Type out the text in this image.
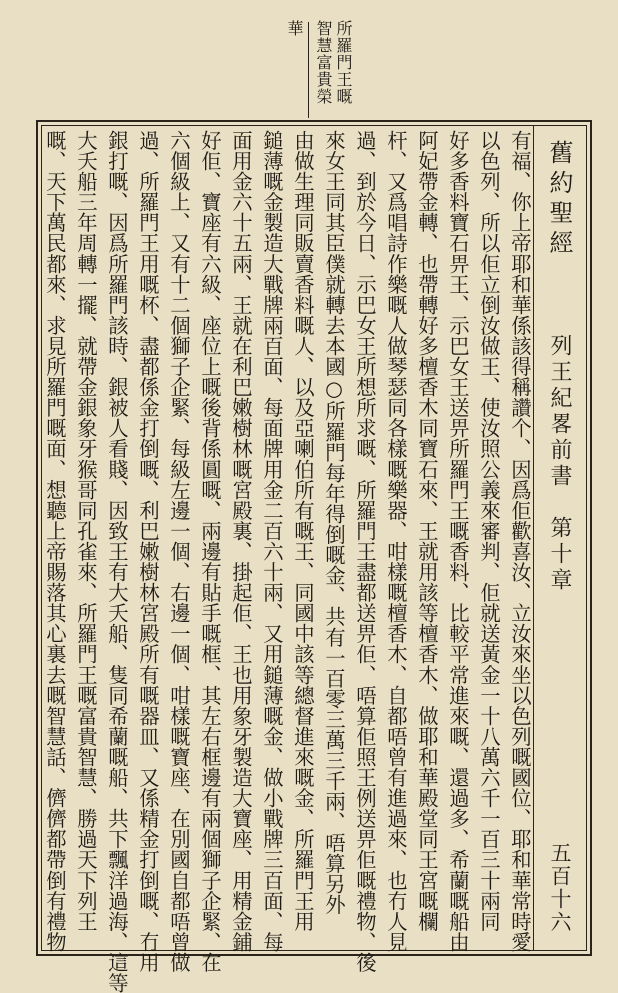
所羅門王嘅
智慧富貴榮
華
舊約聖經
列王紀畧前書　第十章
五百十六
有福、你上帝耶和華係該得稱讚个、因爲佢歡喜汝、立汝來坐以色列嘅國位、耶和華常時愛
以色列、所以佢立倒汝做王、使汝照公義來審判、佢就送黃金一十八萬六千一百三十兩同
好多香料寶石畀王、示巴女王送畀所羅門王嘅香料、比較平常進來嘅、還過多、希蘭嘅船由
阿妃帶金轉、也帶轉好多檀香木同寶石來、王就用該等檀香木、做耶和華殿堂同王宮嘅欄
杆、又爲唱詩作樂嘅人做琴瑟同各樣嘅樂器、咁樣嘅檀香木、自都唔曾有進過來、也冇人見
過、到於今日、示巴女王所想所求嘅、所羅門王盡都送畀佢、唔算佢照王例送畀佢嘅禮物、後
來女王同其臣僕就轉去本國○所羅門每年得倒嘅金、共有一百零三萬三千兩、唔算另外
由做生理同販賣香料嘅人、以及亞喇伯所有嘅王、同國中該等總督進來嘅金、所羅門王用
鎚薄嘅金製造大戰牌兩百面、每面牌用金二百六十兩、又用鎚薄嘅金、做小戰牌三百面、每
面用金六十五兩、王就在利巴嫩樹林嘅宮殿裏、掛起佢、王也用象牙製造大寶座、用精金鋪
好佢、寶座有六級、座位上嘅後背係圓嘅、兩邊有貼手嘅框、其左右框邊有兩個獅子企緊、在
六個級上、又有十二個獅子企緊、每級左邊一個、右邊一個、咁樣嘅寶座、在別國自都唔曾做
過、所羅門王用嘅杯、盡都係金打倒嘅、利巴嫩樹林宮殿所有嘅器皿、又係精金打倒嘅、冇用
銀打嘅、因爲所羅門該時、銀被人看賤、因致王有大夭船、隻同希蘭嘅船、共下飄洋過海、這等
大夭船三年周轉一擺、就帶金銀象牙猴哥同孔雀來、所羅門王嘅富貴智慧、勝過天下列王
嘅、天下萬民都來、求見所羅門嘅面、想聽上帝賜落其心裏去嘅智慧話、儕儕都帶倒有禮物
